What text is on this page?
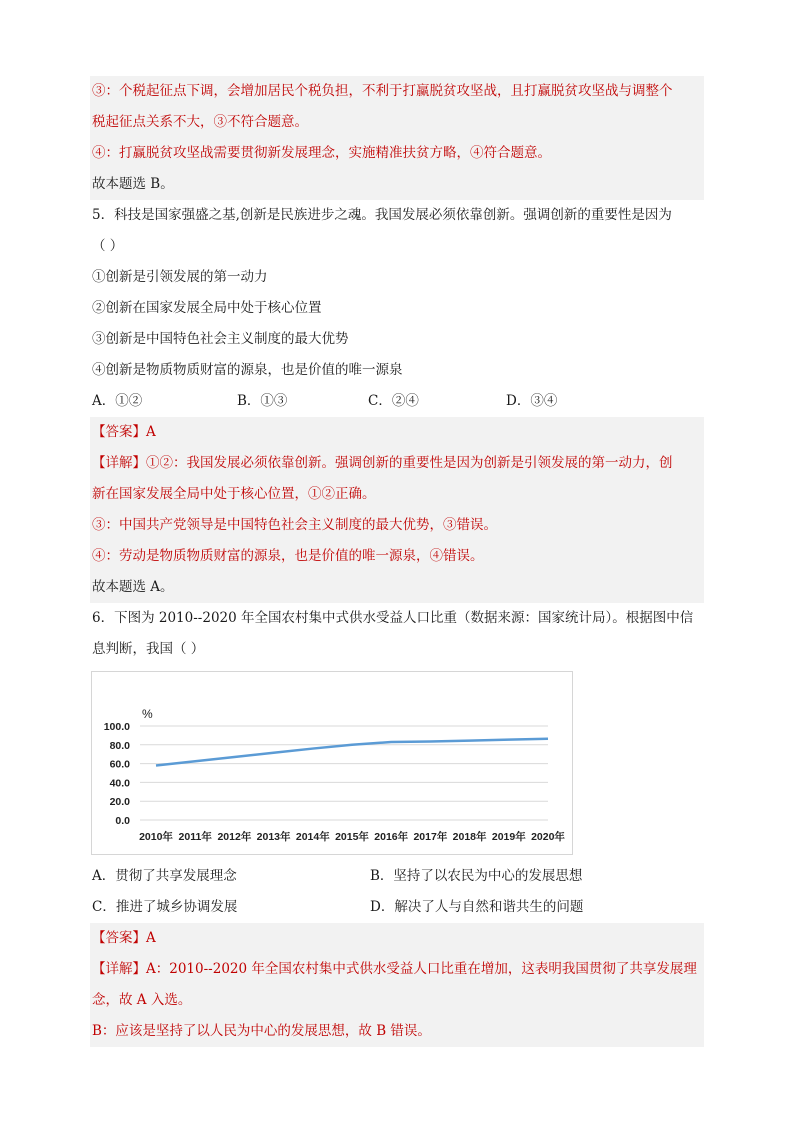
③：个税起征点下调，会增加居民个税负担，不利于打赢脱贫攻坚战，且打赢脱贫攻坚战与调整个
税起征点关系不大，③不符合题意。
④：打赢脱贫攻坚战需要贯彻新发展理念，实施精准扶贫方略，④符合题意。
故本题选 B。
5．科技是国家强盛之基,创新是民族进步之魂。我国发展必须依靠创新。强调创新的重要性是因为
（ ）
①创新是引领发展的第一动力
②创新在国家发展全局中处于核心位置
③创新是中国特色社会主义制度的最大优势
④创新是物质物质财富的源泉，也是价值的唯一源泉
A．①②	B．①③	C．②④	D．③④
【答案】A
【详解】①②：我国发展必须依靠创新。强调创新的重要性是因为创新是引领发展的第一动力，创
新在国家发展全局中处于核心位置，①②正确。
③：中国共产党领导是中国特色社会主义制度的最大优势，③错误。
④：劳动是物质物质财富的源泉，也是价值的唯一源泉，④错误。
故本题选 A。
6．下图为 2010--2020 年全国农村集中式供水受益人口比重（数据来源：国家统计局）。根据图中信
息判断，我国（ ）
%
0.0
20.0
40.0
60.0
80.0
100.0
2010年 2011年 2012年 2013年 2014年 2015年 2016年 2017年 2018年 2019年 2020年
A．贯彻了共享发展理念	B．坚持了以农民为中心的发展思想
C．推进了城乡协调发展	D．解决了人与自然和谐共生的问题
【答案】A
【详解】A：2010--2020 年全国农村集中式供水受益人口比重在增加，这表明我国贯彻了共享发展理
念，故 A 入选。
B：应该是坚持了以人民为中心的发展思想，故 B 错误。
